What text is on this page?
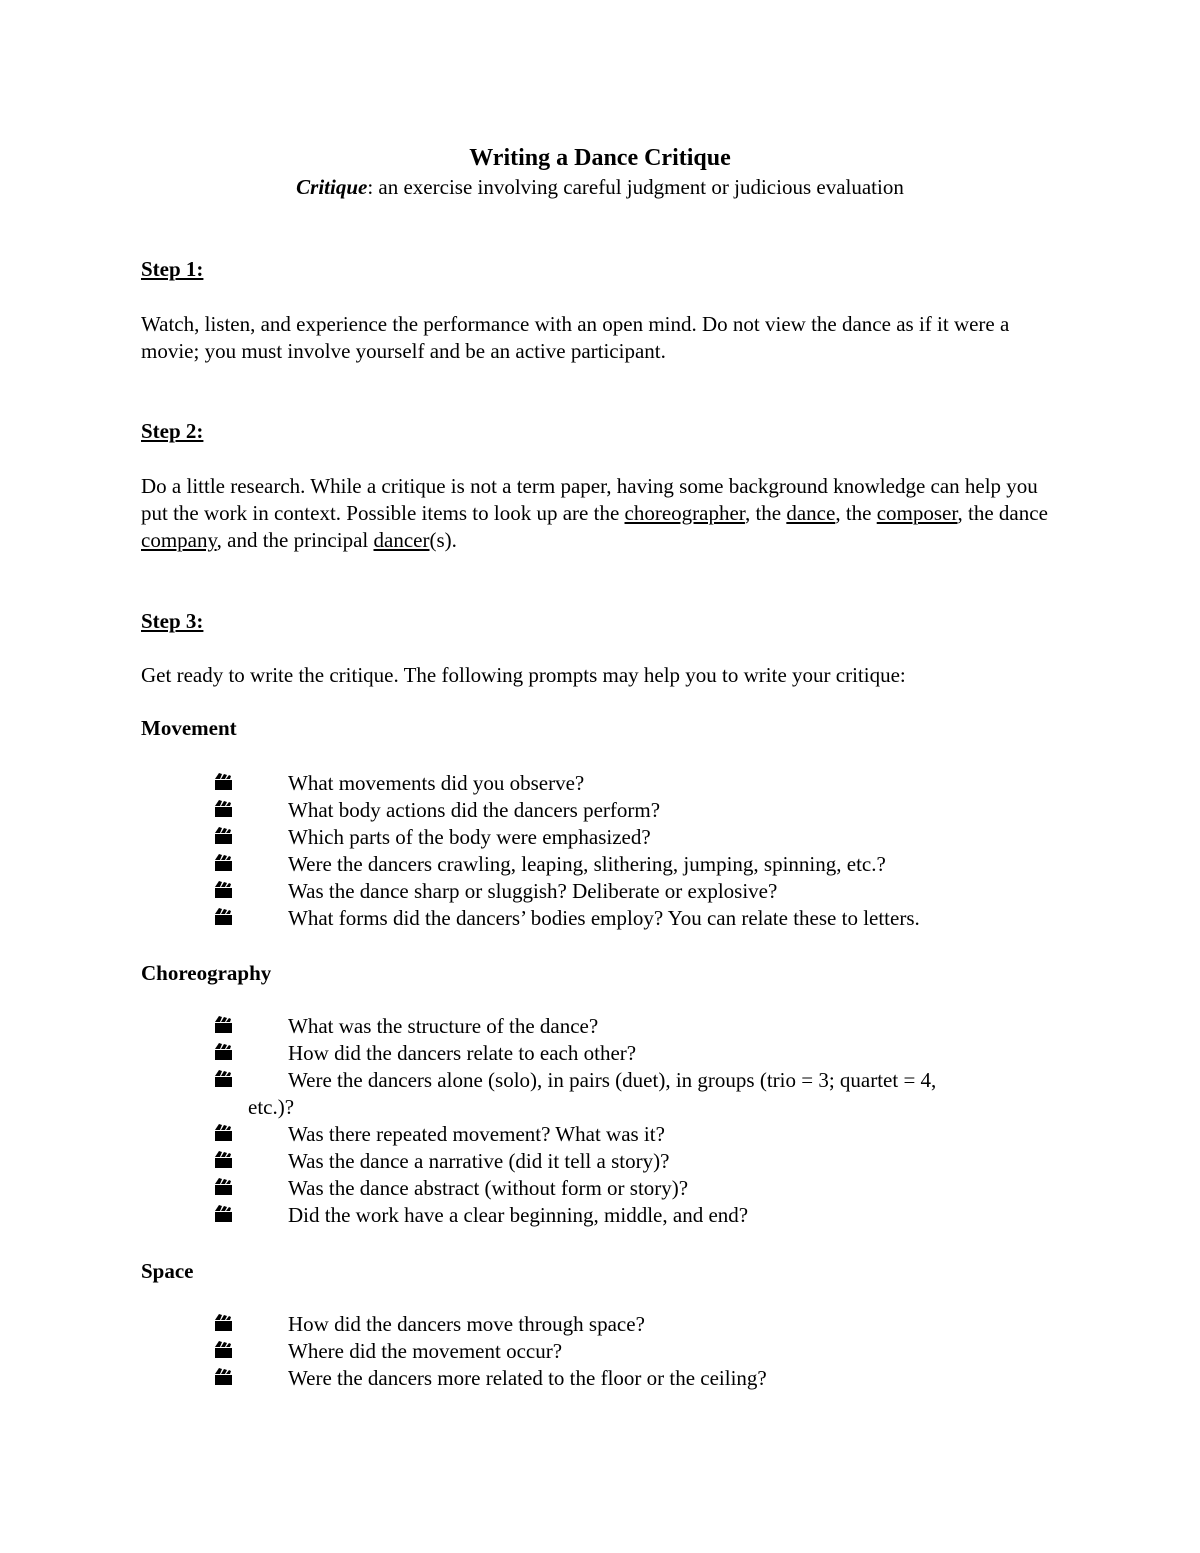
Writing a Dance Critique
Critique: an exercise involving careful judgment or judicious evaluation
Step 1:
Watch, listen, and experience the performance with an open mind. Do not view the dance as if it were a movie; you must involve yourself and be an active participant.
Step 2:
Do a little research. While a critique is not a term paper, having some background knowledge can help you put the work in context. Possible items to look up are the choreographer, the dance, the composer, the dance company, and the principal dancer(s).
Step 3:
Get ready to write the critique. The following prompts may help you to write your critique:
Movement
What movements did you observe?
What body actions did the dancers perform?
Which parts of the body were emphasized?
Were the dancers crawling, leaping, slithering, jumping, spinning, etc.?
Was the dance sharp or sluggish? Deliberate or explosive?
What forms did the dancers’ bodies employ? You can relate these to letters.
Choreography
What was the structure of the dance?
How did the dancers relate to each other?
Were the dancers alone (solo), in pairs (duet), in groups (trio = 3; quartet = 4,
etc.)?
Was there repeated movement? What was it?
Was the dance a narrative (did it tell a story)?
Was the dance abstract (without form or story)?
Did the work have a clear beginning, middle, and end?
Space
How did the dancers move through space?
Where did the movement occur?
Were the dancers more related to the floor or the ceiling?
